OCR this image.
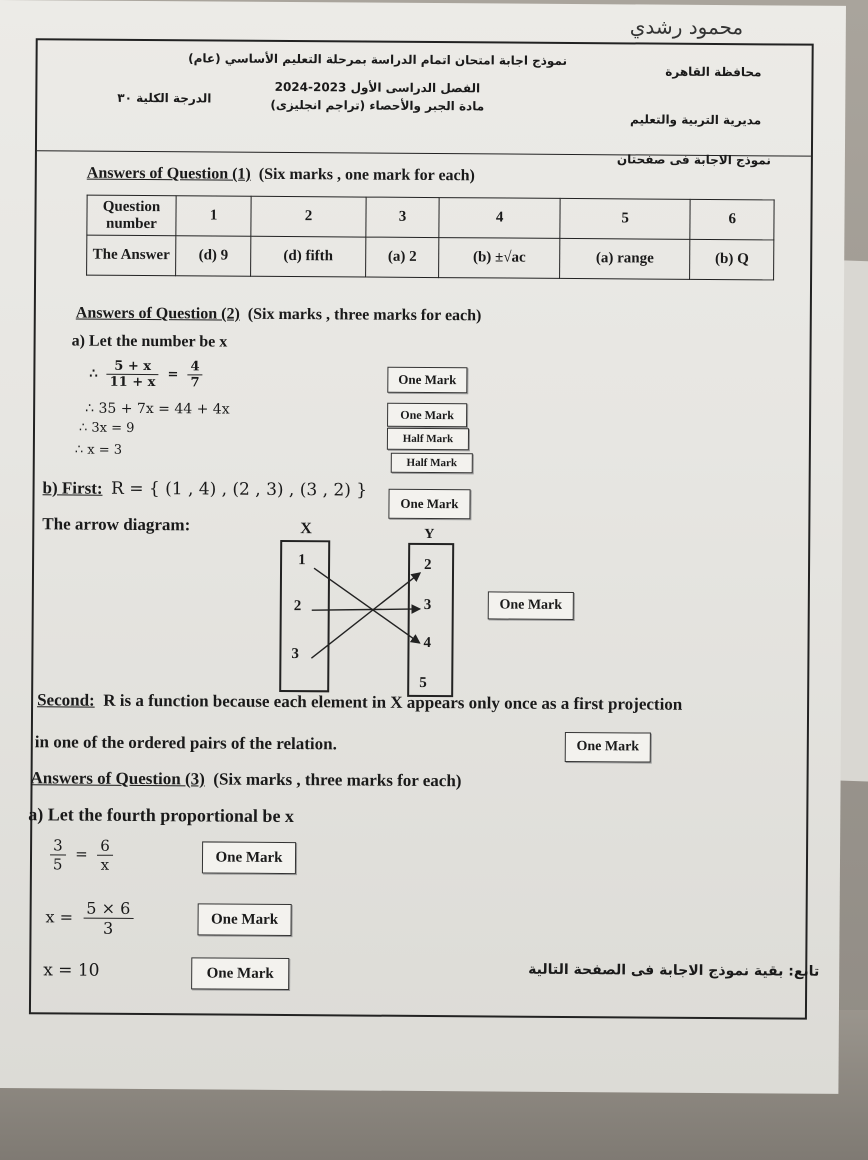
محمود رشدي
محافظة القاهرة
مديرية التربية والتعليم
نموذج اجابة امتحان اتمام الدراسة بمرحلة التعليم الأساسي (عام)
الفصل الدراسى الأول 2023-2024
مادة الجبر والأحصاء (تراجم انجليزى)
الدرجة الكلية ٣٠
نموذج الاجابة فى صفحتان
Answers of Question (1) (Six marks , one mark for each)
Question number	1	2	3	4	5	6
The Answer	(d) 9	(d) fifth	(a) 2	(b) ±√ac	(a) range	(b) Q
Answers of Question (2) (Six marks , three marks for each)
a) Let the number be x
∴ $\frac{5 + x}{11 + x} = \frac{4}{7}$	One Mark
∴ 35 + 7x = 44 + 4x	One Mark
∴ 3x = 9
Half Mark
∴ x = 3
Half Mark
b) First: R = { (1 , 4) , (2 , 3) , (3 , 2) }
One Mark
The arrow diagram:	X	Y
1
2
3
2
3
4
5
One Mark
Second: R is a function because each element in X appears only once as a first projection
in one of the ordered pairs of the relation.	One Mark
Answers of Question (3) (Six marks , three marks for each)
a) Let the fourth proportional be x
$\frac{3}{5} = \frac{6}{x}$	One Mark
$x = \frac{5 \times 6}{3}$	One Mark
x = 10	One Mark	تابع: بقية نموذج الاجابة فى الصفحة التالية
